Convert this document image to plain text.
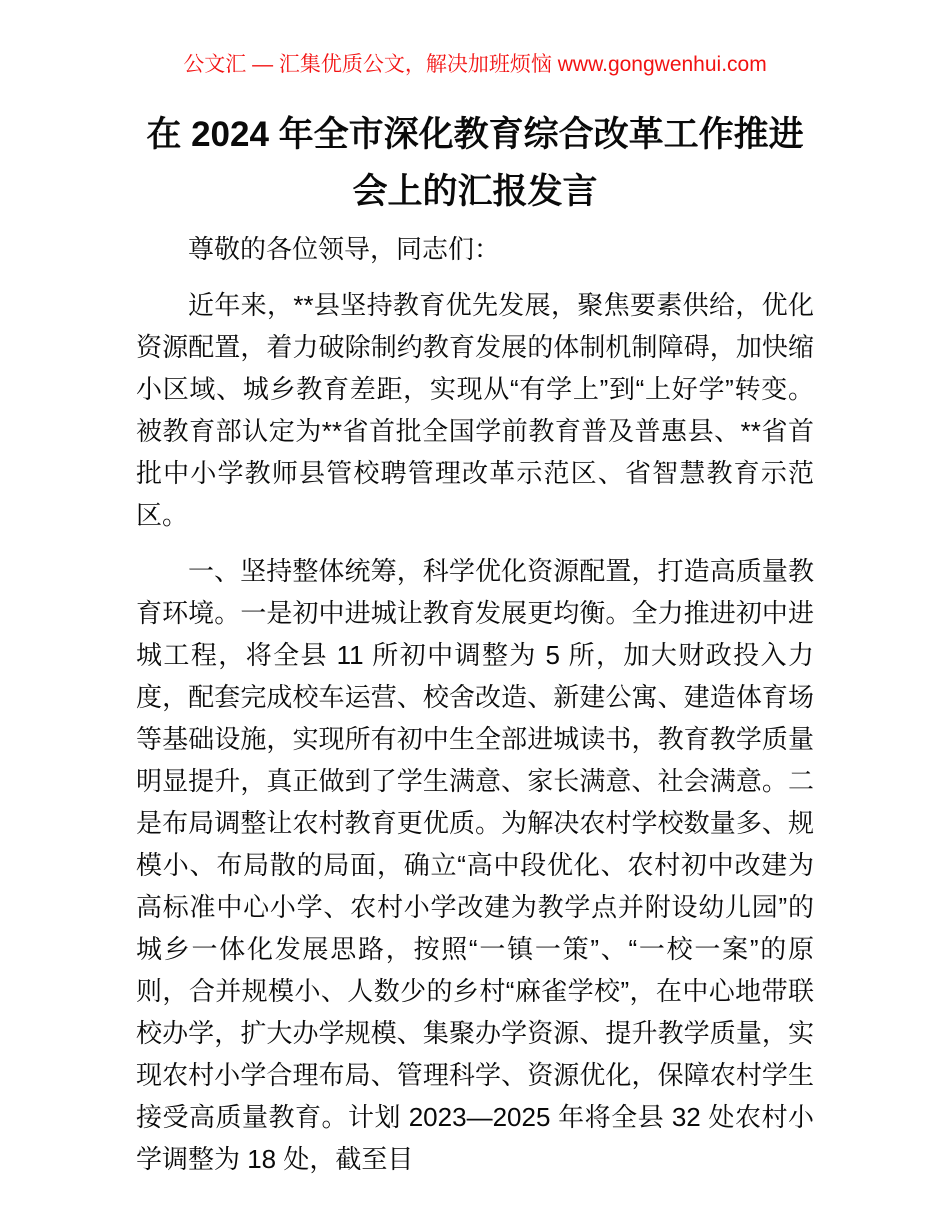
公文汇 — 汇集优质公文，解决加班烦恼 www.gongwenhui.com
在 2024 年全市深化教育综合改革工作推进会上的汇报发言

尊敬的各位领导，同志们：

近年来，**县坚持教育优先发展，聚焦要素供给，优化资源配置，着力破除制约教育发展的体制机制障碍，加快缩小区域、城乡教育差距，实现从“有学上”到“上好学”转变。被教育部认定为**省首批全国学前教育普及普惠县、**省首批中小学教师县管校聘管理改革示范区、省智慧教育示范区。

一、坚持整体统筹，科学优化资源配置，打造高质量教育环境。一是初中进城让教育发展更均衡。全力推进初中进城工程，将全县 11 所初中调整为 5 所，加大财政投入力度，配套完成校车运营、校舍改造、新建公寓、建造体育场等基础设施，实现所有初中生全部进城读书，教育教学质量明显提升，真正做到了学生满意、家长满意、社会满意。二是布局调整让农村教育更优质。为解决农村学校数量多、规模小、布局散的局面，确立“高中段优化、农村初中改建为高标准中心小学、农村小学改建为教学点并附设幼儿园”的城乡一体化发展思路，按照“一镇一策”、“一校一案”的原则，合并规模小、人数少的乡村“麻雀学校”，在中心地带联校办学，扩大办学规模、集聚办学资源、提升教学质量，实现农村小学合理布局、管理科学、资源优化，保障农村学生接受高质量教育。计划 2023—2025 年将全县 32 处农村小学调整为 18 处，截至目
